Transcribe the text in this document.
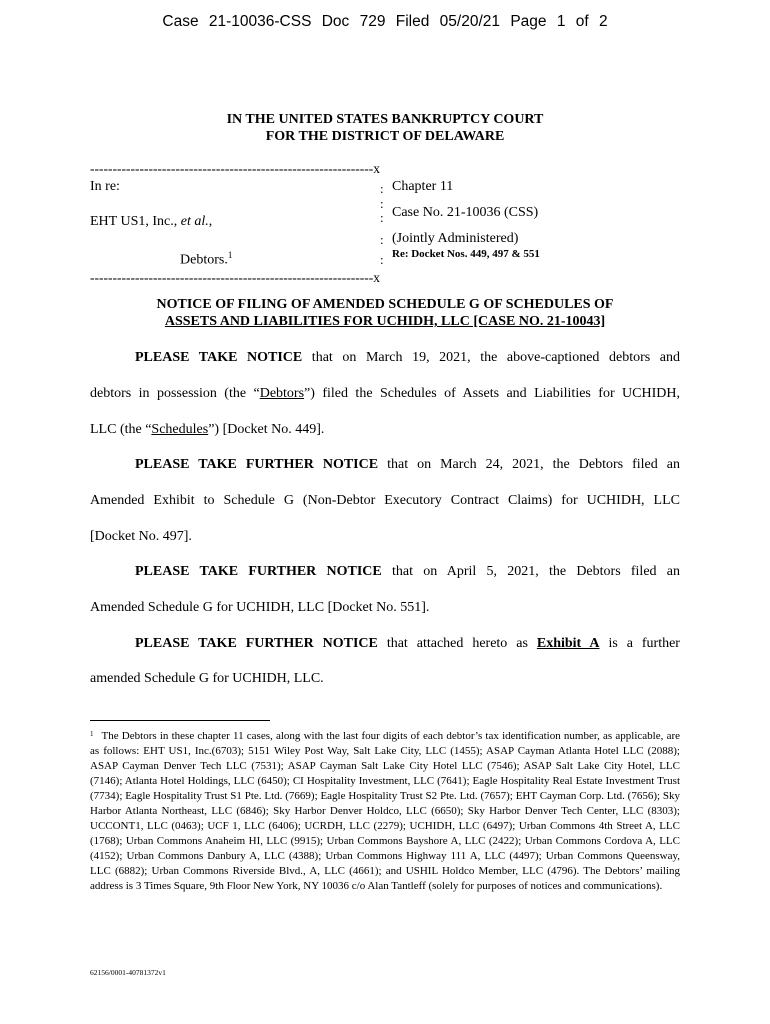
Case 21-10036-CSS Doc 729 Filed 05/20/21 Page 1 of 2
IN THE UNITED STATES BANKRUPTCY COURT
FOR THE DISTRICT OF DELAWARE
---------------------------------------------------------------x
In re:
EHT US1, Inc., et al.,
Debtors.$^1$
:
:
:
:
:
Chapter 11
Case No. 21-10036 (CSS)
(Jointly Administered)
Re: Docket Nos. 449, 497 & 551
---------------------------------------------------------------x
NOTICE OF FILING OF AMENDED SCHEDULE G OF SCHEDULES OF
ASSETS AND LIABILITIES FOR UCHIDH, LLC [CASE NO. 21-10043]
PLEASE TAKE NOTICE that on March 19, 2021, the above-captioned debtors and
debtors in possession (the “Debtors”) filed the Schedules of Assets and Liabilities for UCHIDH,
LLC (the “Schedules”) [Docket No. 449].
PLEASE TAKE FURTHER NOTICE that on March 24, 2021, the Debtors filed an
Amended Exhibit to Schedule G (Non-Debtor Executory Contract Claims) for UCHIDH, LLC
[Docket No. 497].
PLEASE TAKE FURTHER NOTICE that on April 5, 2021, the Debtors filed an
Amended Schedule G for UCHIDH, LLC [Docket No. 551].
PLEASE TAKE FURTHER NOTICE that attached hereto as Exhibit A is a further
amended Schedule G for UCHIDH, LLC.
$^1$ The Debtors in these chapter 11 cases, along with the last four digits of each debtor’s tax identification number, as applicable, are as follows: EHT US1, Inc.(6703); 5151 Wiley Post Way, Salt Lake City, LLC (1455); ASAP Cayman Atlanta Hotel LLC (2088); ASAP Cayman Denver Tech LLC (7531); ASAP Cayman Salt Lake City Hotel LLC (7546); ASAP Salt Lake City Hotel, LLC (7146); Atlanta Hotel Holdings, LLC (6450); CI Hospitality Investment, LLC (7641); Eagle Hospitality Real Estate Investment Trust (7734); Eagle Hospitality Trust S1 Pte. Ltd. (7669); Eagle Hospitality Trust S2 Pte. Ltd. (7657); EHT Cayman Corp. Ltd. (7656); Sky Harbor Atlanta Northeast, LLC (6846); Sky Harbor Denver Holdco, LLC (6650); Sky Harbor Denver Tech Center, LLC (8303); UCCONT1, LLC (0463); UCF 1, LLC (6406); UCRDH, LLC (2279); UCHIDH, LLC (6497); Urban Commons 4th Street A, LLC (1768); Urban Commons Anaheim HI, LLC (9915); Urban Commons Bayshore A, LLC (2422); Urban Commons Cordova A, LLC (4152); Urban Commons Danbury A, LLC (4388); Urban Commons Highway 111 A, LLC (4497); Urban Commons Queensway, LLC (6882); Urban Commons Riverside Blvd., A, LLC (4661); and USHIL Holdco Member, LLC (4796). The Debtors’ mailing address is 3 Times Square, 9th Floor New York, NY 10036 c/o Alan Tantleff (solely for purposes of notices and communications).
62156/0001-40781372v1
